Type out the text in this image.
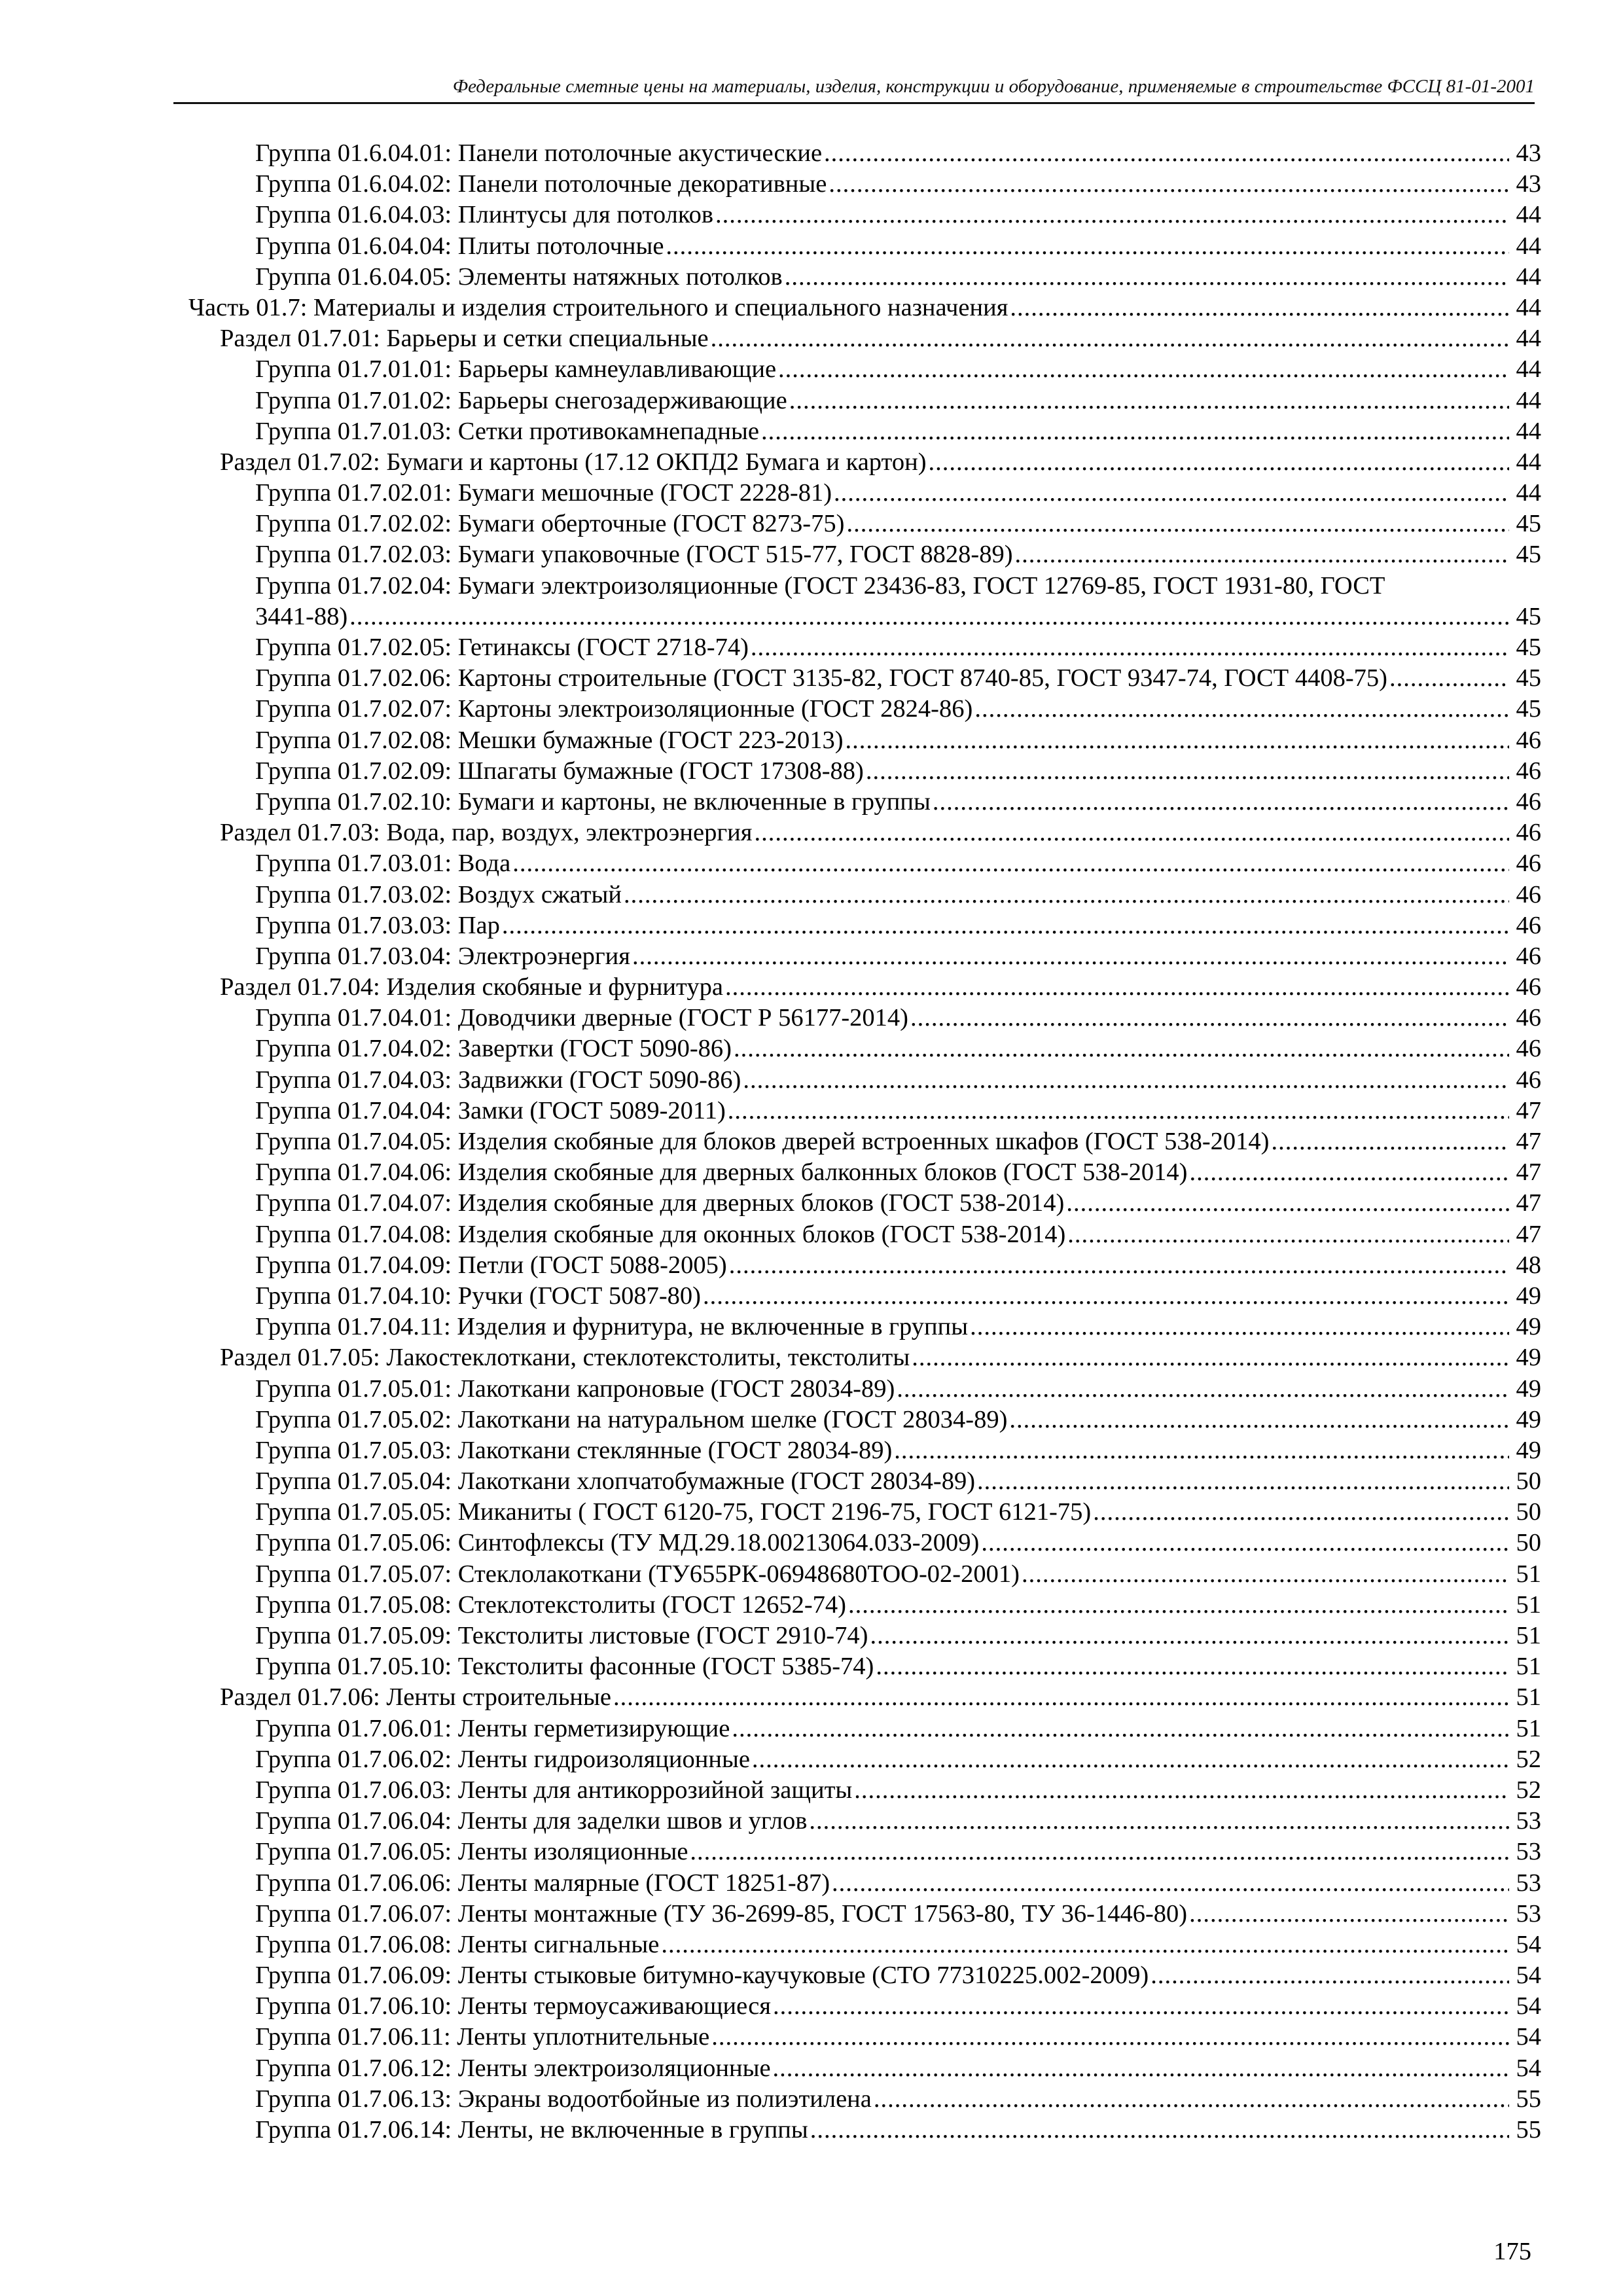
Федеральные сметные цены на материалы, изделия, конструкции и оборудование, применяемые в строительстве ФССЦ 81-01-2001
Группа 01.6.04.01: Панели потолочные акустические .....	43
Группа 01.6.04.02: Панели потолочные декоративные .....	43
Группа 01.6.04.03: Плинтусы для потолков .....	44
Группа 01.6.04.04: Плиты потолочные .....	44
Группа 01.6.04.05: Элементы натяжных потолков .....	44
Часть 01.7: Материалы и изделия строительного и специального назначения .....	44
Раздел 01.7.01: Барьеры и сетки специальные .....	44
Группа 01.7.01.01: Барьеры камнеулавливающие .....	44
Группа 01.7.01.02: Барьеры снегозадерживающие .....	44
Группа 01.7.01.03: Сетки противокамнепадные .....	44
Раздел 01.7.02: Бумаги и картоны (17.12 ОКПД2 Бумага и картон) .....	44
Группа 01.7.02.01: Бумаги мешочные (ГОСТ 2228-81) .....	44
Группа 01.7.02.02: Бумаги оберточные (ГОСТ 8273-75) .....	45
Группа 01.7.02.03: Бумаги упаковочные (ГОСТ 515-77, ГОСТ 8828-89) .....	45
Группа 01.7.02.04: Бумаги электроизоляционные (ГОСТ 23436-83, ГОСТ 12769-85, ГОСТ 1931-80, ГОСТ
3441-88) .....	45
Группа 01.7.02.05: Гетинаксы (ГОСТ 2718-74) .....	45
Группа 01.7.02.06: Картоны строительные (ГОСТ 3135-82, ГОСТ 8740-85, ГОСТ 9347-74, ГОСТ 4408-75) .....	45
Группа 01.7.02.07: Картоны электроизоляционные (ГОСТ 2824-86) .....	45
Группа 01.7.02.08: Мешки бумажные (ГОСТ 223-2013) .....	46
Группа 01.7.02.09: Шпагаты бумажные (ГОСТ 17308-88) .....	46
Группа 01.7.02.10: Бумаги и картоны, не включенные в группы .....	46
Раздел 01.7.03: Вода, пар, воздух, электроэнергия .....	46
Группа 01.7.03.01: Вода .....	46
Группа 01.7.03.02: Воздух сжатый .....	46
Группа 01.7.03.03: Пар .....	46
Группа 01.7.03.04: Электроэнергия .....	46
Раздел 01.7.04: Изделия скобяные и фурнитура .....	46
Группа 01.7.04.01: Доводчики дверные (ГОСТ Р 56177-2014) .....	46
Группа 01.7.04.02: Завертки (ГОСТ 5090-86) .....	46
Группа 01.7.04.03: Задвижки (ГОСТ 5090-86) .....	46
Группа 01.7.04.04: Замки (ГОСТ 5089-2011) .....	47
Группа 01.7.04.05: Изделия скобяные для блоков дверей встроенных шкафов (ГОСТ 538-2014) .....	47
Группа 01.7.04.06: Изделия скобяные для дверных балконных блоков (ГОСТ 538-2014) .....	47
Группа 01.7.04.07: Изделия скобяные для дверных блоков (ГОСТ 538-2014) .....	47
Группа 01.7.04.08: Изделия скобяные для оконных блоков (ГОСТ 538-2014) .....	47
Группа 01.7.04.09: Петли (ГОСТ 5088-2005) .....	48
Группа 01.7.04.10: Ручки (ГОСТ 5087-80) .....	49
Группа 01.7.04.11: Изделия и фурнитура, не включенные в группы .....	49
Раздел 01.7.05: Лакостеклоткани, стеклотекстолиты, текстолиты .....	49
Группа 01.7.05.01: Лакоткани капроновые (ГОСТ 28034-89) .....	49
Группа 01.7.05.02: Лакоткани на натуральном шелке (ГОСТ 28034-89) .....	49
Группа 01.7.05.03: Лакоткани стеклянные (ГОСТ 28034-89) .....	49
Группа 01.7.05.04: Лакоткани хлопчатобумажные (ГОСТ 28034-89) .....	50
Группа 01.7.05.05: Миканиты ( ГОСТ 6120-75, ГОСТ 2196-75, ГОСТ 6121-75) .....	50
Группа 01.7.05.06: Синтофлексы (ТУ МД.29.18.00213064.033-2009) .....	50
Группа 01.7.05.07: Стеклолакоткани (ТУ655РК-06948680ТОО-02-2001) .....	51
Группа 01.7.05.08: Стеклотекстолиты (ГОСТ 12652-74) .....	51
Группа 01.7.05.09: Текстолиты листовые (ГОСТ 2910-74) .....	51
Группа 01.7.05.10: Текстолиты фасонные (ГОСТ 5385-74) .....	51
Раздел 01.7.06: Ленты строительные .....	51
Группа 01.7.06.01: Ленты герметизирующие .....	51
Группа 01.7.06.02: Ленты гидроизоляционные .....	52
Группа 01.7.06.03: Ленты для антикоррозийной защиты .....	52
Группа 01.7.06.04: Ленты для заделки швов и углов .....	53
Группа 01.7.06.05: Ленты изоляционные .....	53
Группа 01.7.06.06: Ленты малярные (ГОСТ 18251-87) .....	53
Группа 01.7.06.07: Ленты монтажные (ТУ 36-2699-85, ГОСТ 17563-80, ТУ 36-1446-80) .....	53
Группа 01.7.06.08: Ленты сигнальные .....	54
Группа 01.7.06.09: Ленты стыковые битумно-каучуковые (СТО 77310225.002-2009) .....	54
Группа 01.7.06.10: Ленты термоусаживающиеся .....	54
Группа 01.7.06.11: Ленты уплотнительные .....	54
Группа 01.7.06.12: Ленты электроизоляционные .....	54
Группа 01.7.06.13: Экраны водоотбойные из полиэтилена .....	55
Группа 01.7.06.14: Ленты, не включенные в группы .....	55
175
